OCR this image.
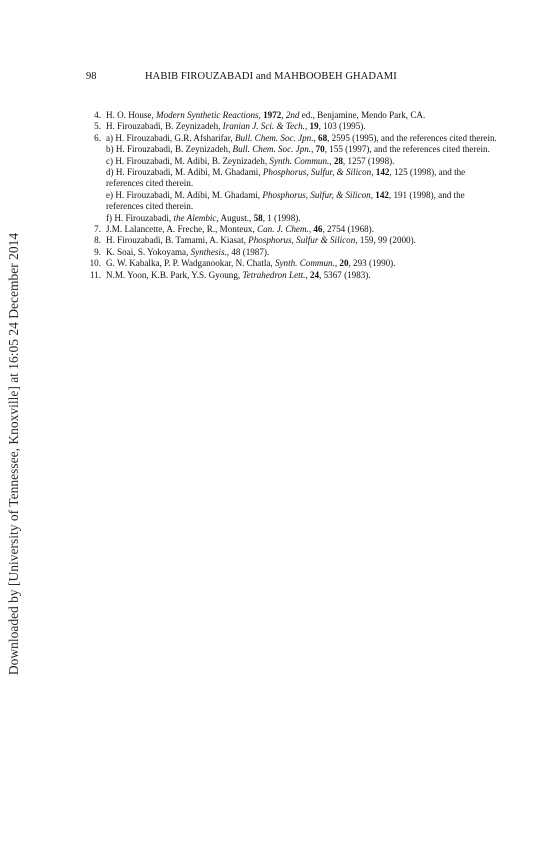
Downloaded by [University of Tennessee, Knoxville] at 16:05 24 December 2014
98	HABIB FIROUZABADI and MAHBOOBEH GHADAMI
4. H. O. House, Modern Synthetic Reactions, 1972, 2nd ed., Benjamine, Mendo Park, CA.
5. H. Firouzabadi, B. Zeynizadeh, Iranian J. Sci. & Tech., 19, 103 (1995).
6. a) H. Firouzabadi, G.R. Afsharifar, Bull. Chem. Soc. Jpn., 68, 2595 (1995), and the references cited therein.
b) H. Firouzabadi, B. Zeynizadeh, Bull. Chem. Soc. Jpn., 70, 155 (1997), and the references cited therein.
c) H. Firouzabadi, M. Adibi, B. Zeynizadeh, Synth. Commun., 28, 1257 (1998).
d) H. Firouzabadi, M. Adibi, M. Ghadami, Phosphorus, Sulfur, & Silicon, 142, 125 (1998), and the references cited therein.
e) H. Firouzabadi, M. Adibi, M. Ghadami, Phosphorus, Sulfur, & Silicon, 142, 191 (1998), and the references cited therein.
f) H. Firouzabadi, the Alembic, August., 58, 1 (1998).
7. J.M. Lalancette, A. Freche, R., Monteux, Can. J. Chem., 46, 2754 (1968).
8. H. Firouzabadi, B. Tamami, A. Kiasat, Phosphorus, Sulfur & Silicon, 159, 99 (2000).
9. K. Soai, S. Yokoyama, Synthesis., 48 (1987).
10. G. W. Kabalka, P. P. Wadganookar, N. Chatla, Synth. Commun., 20, 293 (1990).
11. N.M. Yoon, K.B. Park, Y.S. Gyoung, Tetrahedron Lett., 24, 5367 (1983).
